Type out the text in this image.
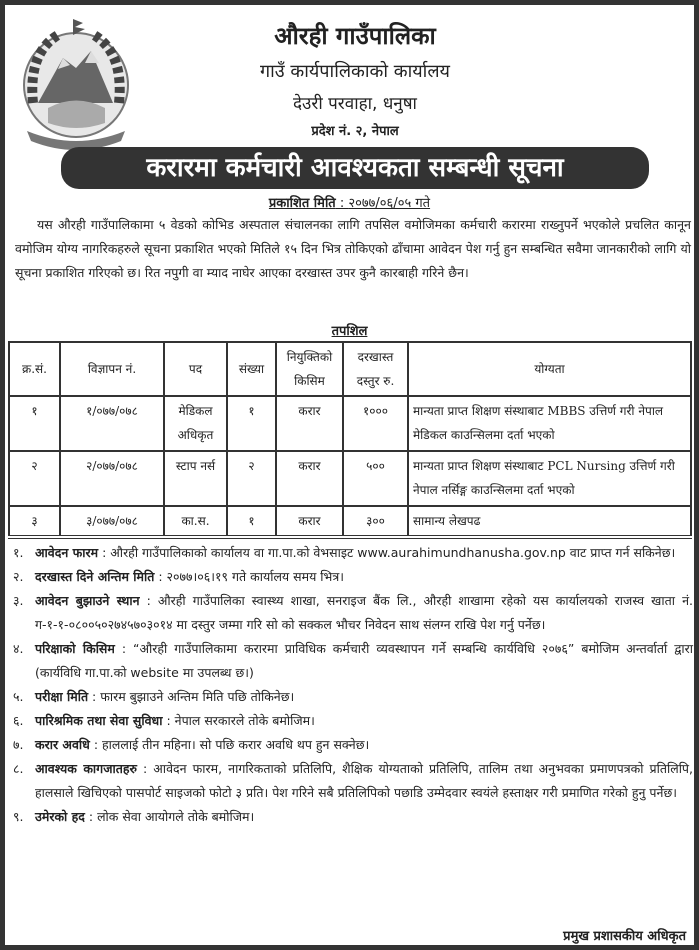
औरही गाउँपालिका
गाउँ कार्यपालिकाको कार्यालय
देउरी परवाहा, धनुषा
प्रदेश नं. २, नेपाल
करारमा कर्मचारी आवश्यकता सम्बन्धी सूचना
प्रकाशित मिति : २०७७/०६/०५ गते

यस औरही गाउँपालिकामा ५ वेडको कोभिड अस्पताल संचालनका लागि तपसिल वमोजिमका कर्मचारी करारमा राख्नुपर्ने भएकोले प्रचलित कानून वमोजिम योग्य नागरिकहरुले सूचना प्रकाशित भएको मितिले १५ दिन भित्र तोकिएको ढाँचामा आवेदन पेश गर्नु हुन सम्बन्धित सवैमा जानकारीको लागि यो सूचना प्रकाशित गरिएको छ। रित नपुगी वा म्याद नाघेर आएका दरखास्त उपर कुनै कारबाही गरिने छैन।

तपशिल
क्र.सं.	विज्ञापन नं.	पद	संख्या	नियुक्तिको किसिम	दरखास्त दस्तुर रु.	योग्यता
१	१/०७७/०७८	मेडिकल अधिकृत	१	करार	१०००	मान्यता प्राप्त शिक्षण संस्थाबाट MBBS उत्तिर्ण गरी नेपाल मेडिकल काउन्सिलमा दर्ता भएको
२	२/०७७/०७८	स्टाप नर्स	२	करार	५००	मान्यता प्राप्त शिक्षण संस्थाबाट PCL Nursing उत्तिर्ण गरी नेपाल नर्सिङ्ग काउन्सिलमा दर्ता भएको
३	३/०७७/०७८	का.स.	१	करार	३००	सामान्य लेखपढ
१. आवेदन फारम : औरही गाउँपालिकाको कार्यालय वा गा.पा.को वेभसाइट www.aurahimundhanusha.gov.np वाट प्राप्त गर्न सकिनेछ।
२. दरखास्त दिने अन्तिम मिति : २०७७।०६।१९ गते कार्यालय समय भित्र।
३. आवेदन बुझाउने स्थान : औरही गाउँपालिका स्वास्थ्य शाखा, सनराइज बैंक लि., औरही शाखामा रहेको यस कार्यालयको राजस्व खाता नं. ग-१-१-०८००५०२७४५७०३०१४ मा दस्तुर जम्मा गरि सो को सक्कल भौचर निवेदन साथ संलग्न राखि पेश गर्नु पर्नेछ।
४. परिक्षाको किसिम : “औरही गाउँपालिकामा करारमा प्राविधिक कर्मचारी व्यवस्थापन गर्ने सम्बन्धि कार्यविधि २०७६” बमोजिम अन्तर्वार्ता द्वारा (कार्यविधि गा.पा.को website मा उपलब्ध छ।)
५. परीक्षा मिति : फारम बुझाउने अन्तिम मिति पछि तोकिनेछ।
६. पारिश्रमिक तथा सेवा सुविधा : नेपाल सरकारले तोके बमोजिम।
७. करार अवधि : हाललाई तीन महिना। सो पछि करार अवधि थप हुन सक्नेछ।
८. आवश्यक कागजातहरु : आवेदन फारम, नागरिकताको प्रतिलिपि, शैक्षिक योग्यताको प्रतिलिपि, तालिम तथा अनुभवका प्रमाणपत्रको प्रतिलिपि, हालसाले खिचिएको पासपोर्ट साइजको फोटो ३ प्रति। पेश गरिने सबै प्रतिलिपिको पछाडि उम्मेदवार स्वयंले हस्ताक्षर गरी प्रमाणित गरेको हुनु पर्नेछ।
९. उमेरको हद : लोक सेवा आयोगले तोके बमोजिम।
प्रमुख प्रशासकीय अधिकृत
